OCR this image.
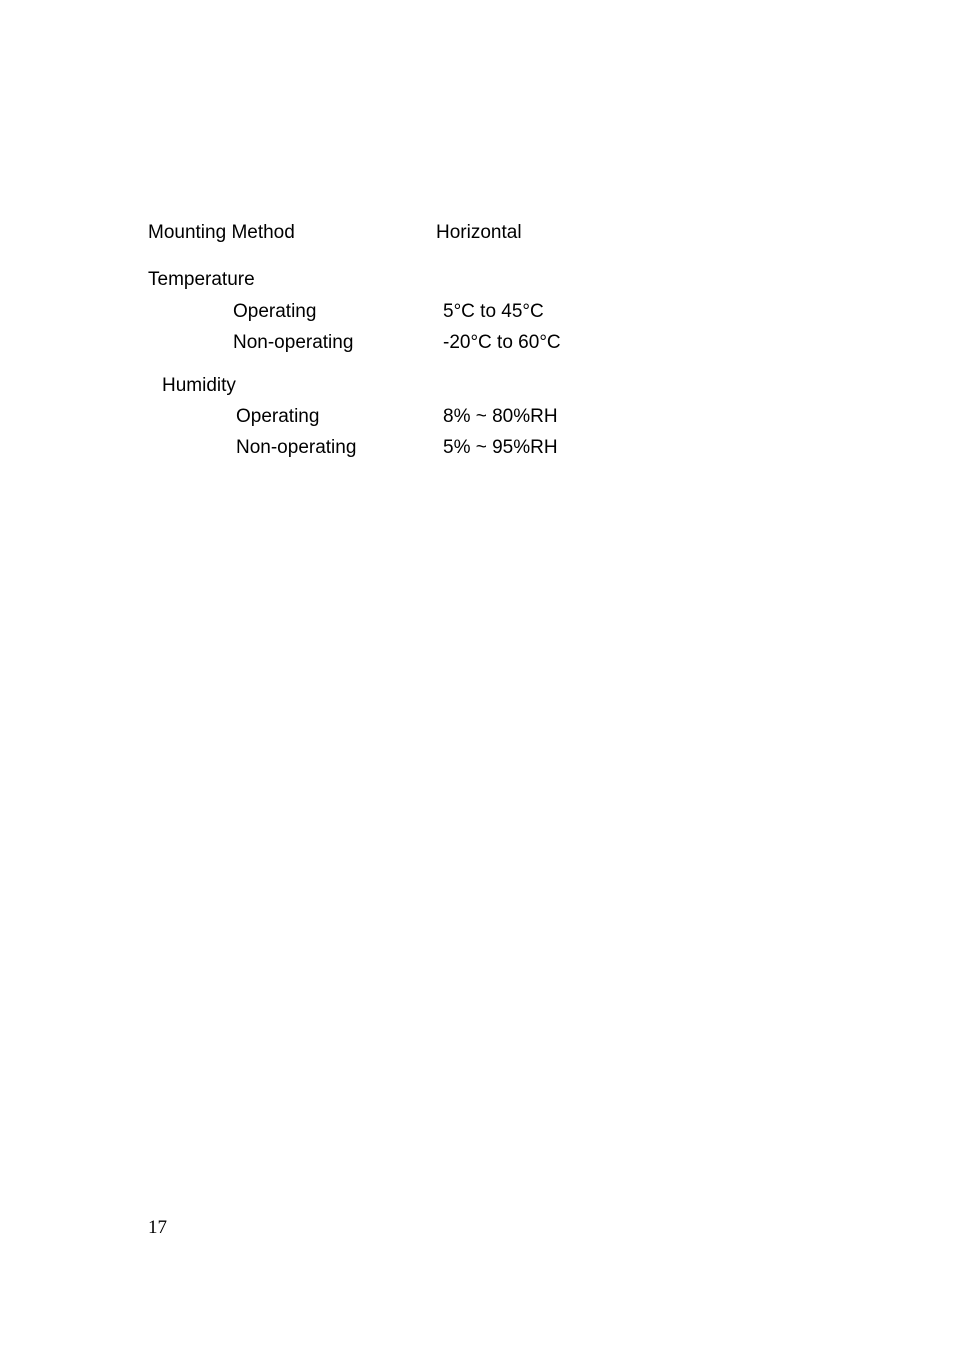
Mounting Method	Horizontal
Temperature
Operating	5°C to 45°C
Non-operating	-20°C to 60°C
Humidity
Operating	8% ~ 80%RH
Non-operating	5% ~ 95%RH
17
